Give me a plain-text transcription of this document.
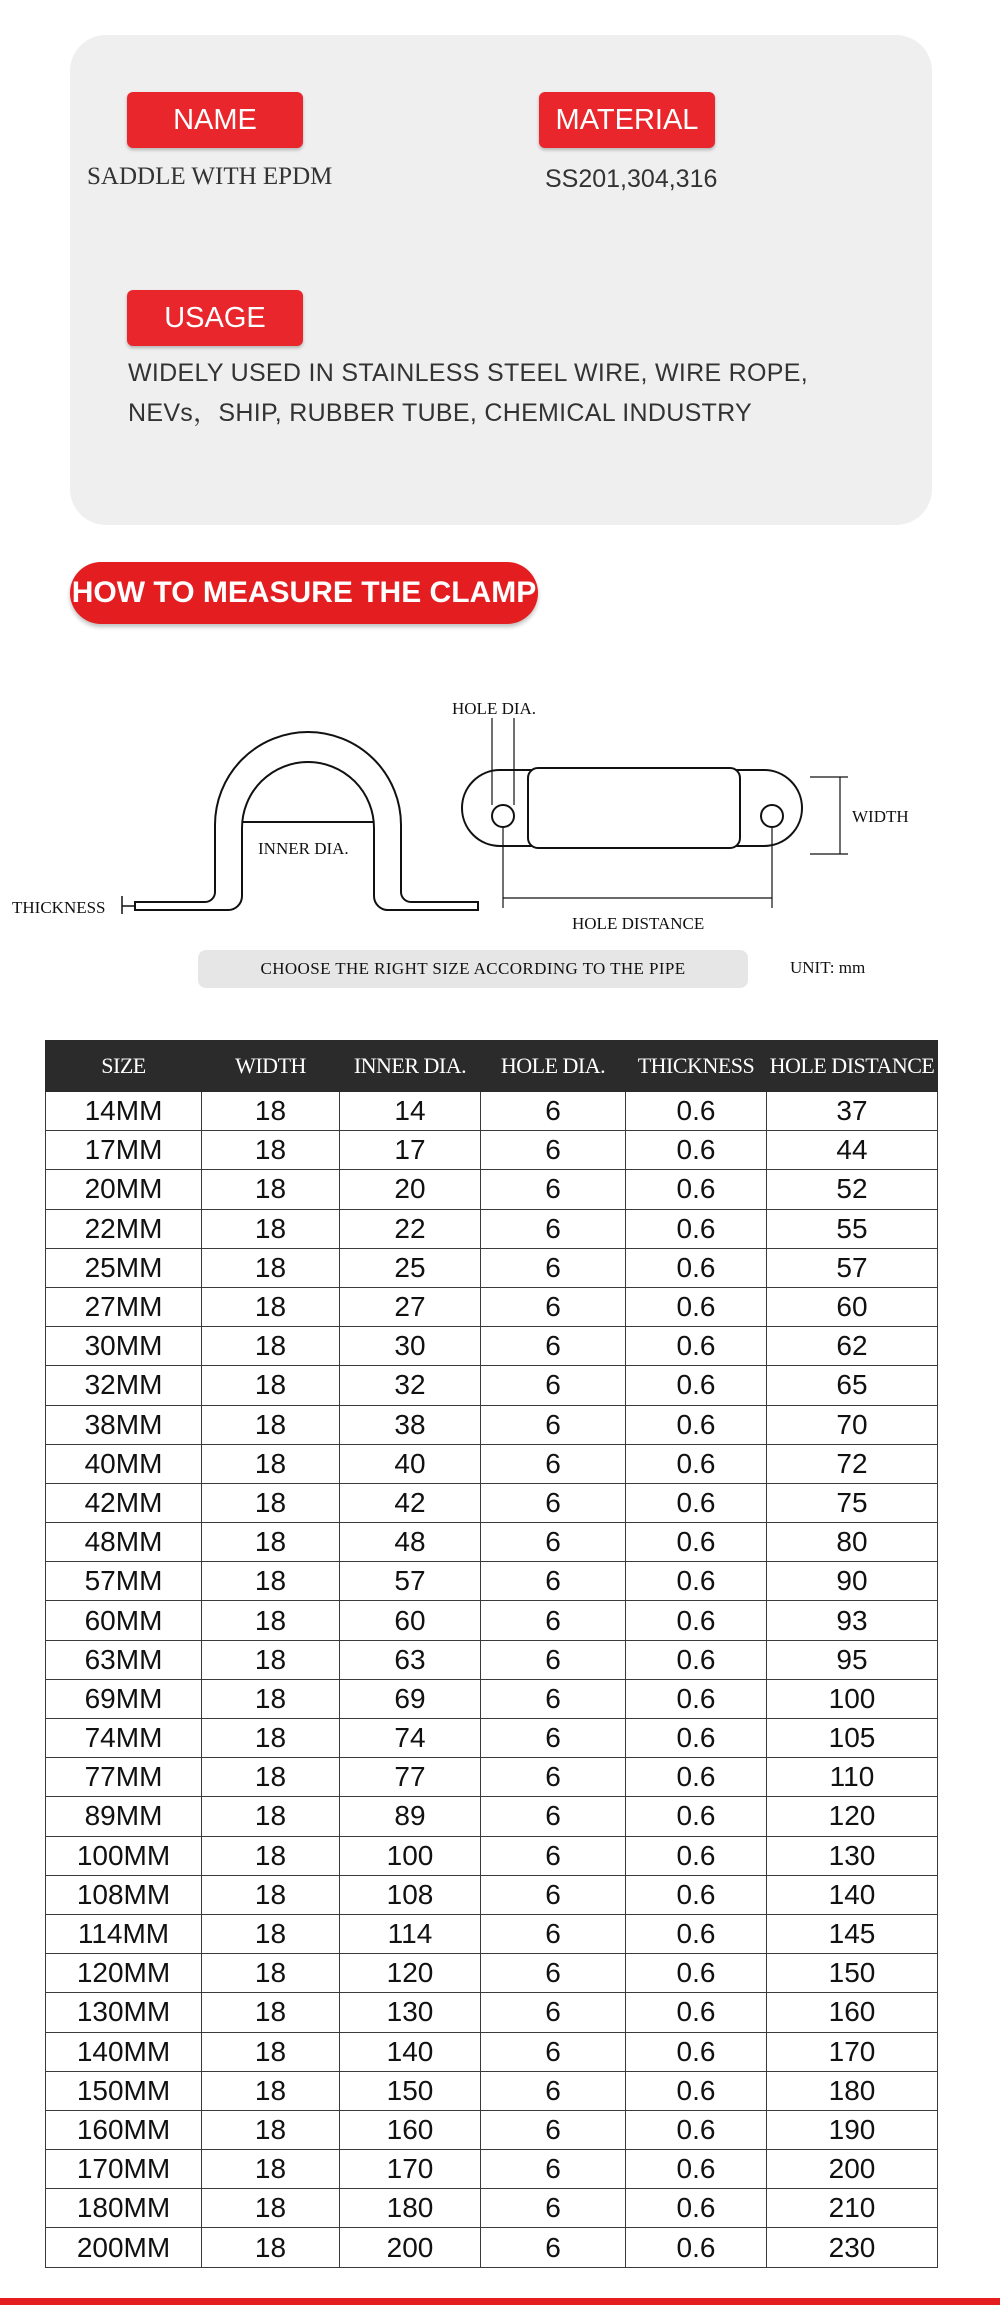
NAME
SADDLE WITH EPDM
MATERIAL
SS201,304,316
USAGE
WIDELY USED IN STAINLESS STEEL WIRE, WIRE ROPE,
NEVs，SHIP, RUBBER TUBE, CHEMICAL INDUSTRY
HOW TO MEASURE THE CLAMP
INNER DIA.
THICKNESS
HOLE DIA.
WIDTH
HOLE DISTANCE
CHOOSE THE RIGHT SIZE ACCORDING TO THE PIPE	UNIT: mm
SIZE	WIDTH	INNER DIA.	HOLE DIA.	THICKNESS	HOLE DISTANCE
14MM	18	14	6	0.6	37
17MM	18	17	6	0.6	44
20MM	18	20	6	0.6	52
22MM	18	22	6	0.6	55
25MM	18	25	6	0.6	57
27MM	18	27	6	0.6	60
30MM	18	30	6	0.6	62
32MM	18	32	6	0.6	65
38MM	18	38	6	0.6	70
40MM	18	40	6	0.6	72
42MM	18	42	6	0.6	75
48MM	18	48	6	0.6	80
57MM	18	57	6	0.6	90
60MM	18	60	6	0.6	93
63MM	18	63	6	0.6	95
69MM	18	69	6	0.6	100
74MM	18	74	6	0.6	105
77MM	18	77	6	0.6	110
89MM	18	89	6	0.6	120
100MM	18	100	6	0.6	130
108MM	18	108	6	0.6	140
114MM	18	114	6	0.6	145
120MM	18	120	6	0.6	150
130MM	18	130	6	0.6	160
140MM	18	140	6	0.6	170
150MM	18	150	6	0.6	180
160MM	18	160	6	0.6	190
170MM	18	170	6	0.6	200
180MM	18	180	6	0.6	210
200MM	18	200	6	0.6	230
